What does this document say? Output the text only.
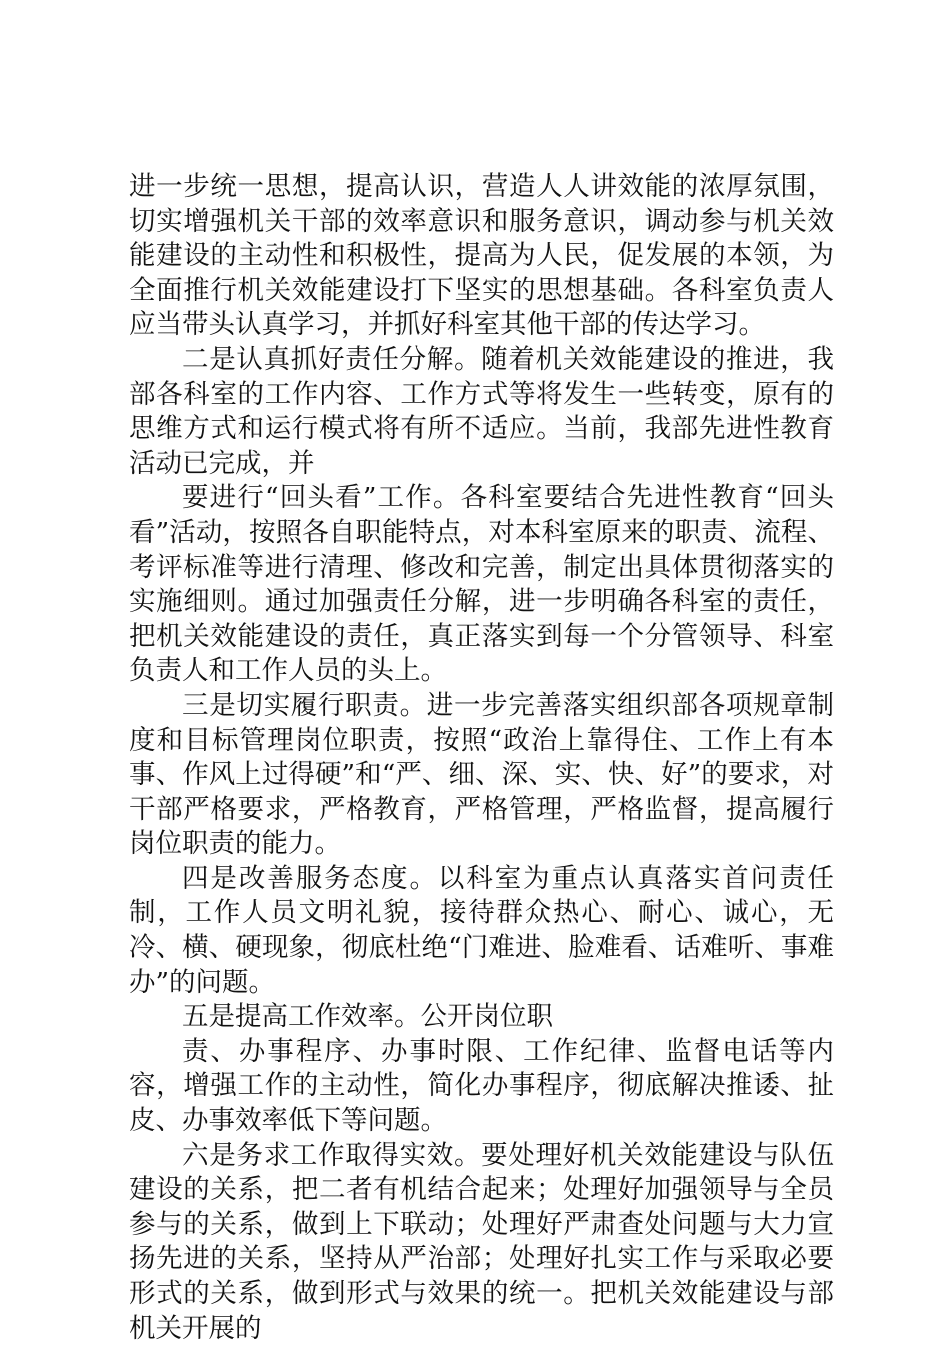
进一步统一思想，提高认识，营造人人讲效能的浓厚氛围，切实增强机关干部的效率意识和服务意识，调动参与机关效能建设的主动性和积极性，提高为人民，促发展的本领，为全面推行机关效能建设打下坚实的思想基础。各科室负责人应当带头认真学习，并抓好科室其他干部的传达学习。

二是认真抓好责任分解。随着机关效能建设的推进，我部各科室的工作内容、工作方式等将发生一些转变，原有的思维方式和运行模式将有所不适应。当前，我部先进性教育活动已完成，并

要进行“回头看”工作。各科室要结合先进性教育“回头看”活动，按照各自职能特点，对本科室原来的职责、流程、考评标准等进行清理、修改和完善，制定出具体贯彻落实的实施细则。通过加强责任分解，进一步明确各科室的责任，把机关效能建设的责任，真正落实到每一个分管领导、科室负责人和工作人员的头上。

三是切实履行职责。进一步完善落实组织部各项规章制度和目标管理岗位职责，按照“政治上靠得住、工作上有本事、作风上过得硬”和“严、细、深、实、快、好”的要求，对干部严格要求，严格教育，严格管理，严格监督，提高履行岗位职责的能力。

四是改善服务态度。以科室为重点认真落实首问责任制，工作人员文明礼貌，接待群众热心、耐心、诚心，无冷、横、硬现象，彻底杜绝“门难进、脸难看、话难听、事难办”的问题。

五是提高工作效率。公开岗位职

责、办事程序、办事时限、工作纪律、监督电话等内容，增强工作的主动性，简化办事程序，彻底解决推诿、扯皮、办事效率低下等问题。

六是务求工作取得实效。要处理好机关效能建设与队伍建设的关系，把二者有机结合起来；处理好加强领导与全员参与的关系，做到上下联动；处理好严肃查处问题与大力宣扬先进的关系，坚持从严治部；处理好扎实工作与采取必要形式的关系，做到形式与效果的统一。把机关效能建设与部机关开展的
